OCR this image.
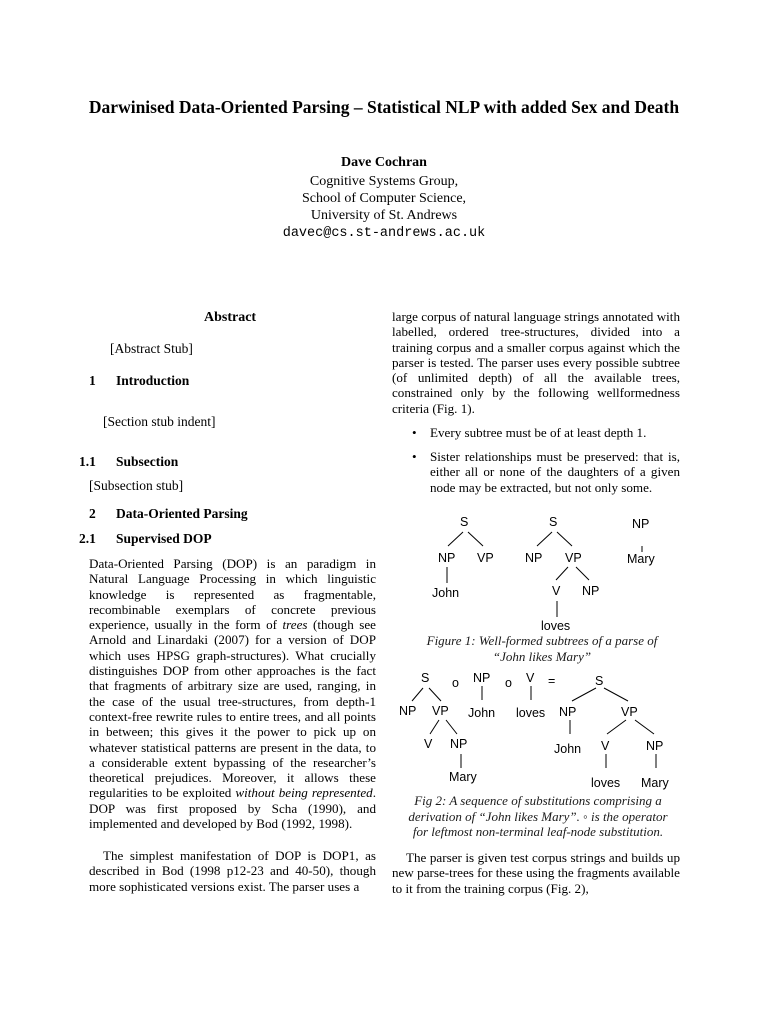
Darwinised Data-Oriented Parsing – Statistical NLP with added Sex and Death
Dave Cochran
Cognitive Systems Group,
School of Computer Science,
University of St. Andrews
davec@cs.st-andrews.ac.uk
Abstract
[Abstract Stub]
1 Introduction
[Section stub indent]
1.1 Subsection
[Subsection stub]
2 Data-Oriented Parsing
2.1 Supervised DOP

Data-Oriented Parsing (DOP) is an paradigm in Natural Language Processing in which linguistic knowledge is represented as fragmentable, recombinable exemplars of concrete previous experience, usually in the form of trees (though see Arnold and Linardaki (2007) for a version of DOP which uses HPSG graph-structures). What crucially distinguishes DOP from other approaches is the fact that fragments of arbitrary size are used, ranging, in the case of the usual tree-structures, from depth-1 context-free rewrite rules to entire trees, and all points in between; this gives it the power to pick up on whatever statistical patterns are present in the data, to a considerable extent bypassing of the researcher’s theoretical prejudices. Moreover, it allows these regularities to be exploited without being represented. DOP was first proposed by Scha (1990), and implemented and developed by Bod (1992, 1998).

The simplest manifestation of DOP is DOP1, as described in Bod (1998 p12-23 and 40-50), though more sophisticated versions exist. The parser uses a

large corpus of natural language strings annotated with labelled, ordered tree-structures, divided into a training corpus and a smaller corpus against which the parser is tested. The parser uses every possible subtree (of unlimited depth) of all the available trees, constrained only by the following wellformedness criteria (Fig. 1).

• Every subtree must be of at least depth 1.
• Sister relationships must be preserved: that is, either all or none of the daughters of a given node may be extracted, but not only some.
S
NP VP
John
S
NP VP
V NP
loves
NP
Mary
Figure 1: Well-formed subtrees of a parse of
“John likes Mary”
S o NP o V =	S
NP VP John loves NP	VP
V NP	John V	NP
Mary	loves Mary
Fig 2: A sequence of substitutions comprising a
derivation of “John likes Mary”. ◦ is the operator
for leftmost non-terminal leaf-node substitution.

The parser is given test corpus strings and builds up new parse-trees for these using the fragments available to it from the training corpus (Fig. 2),
